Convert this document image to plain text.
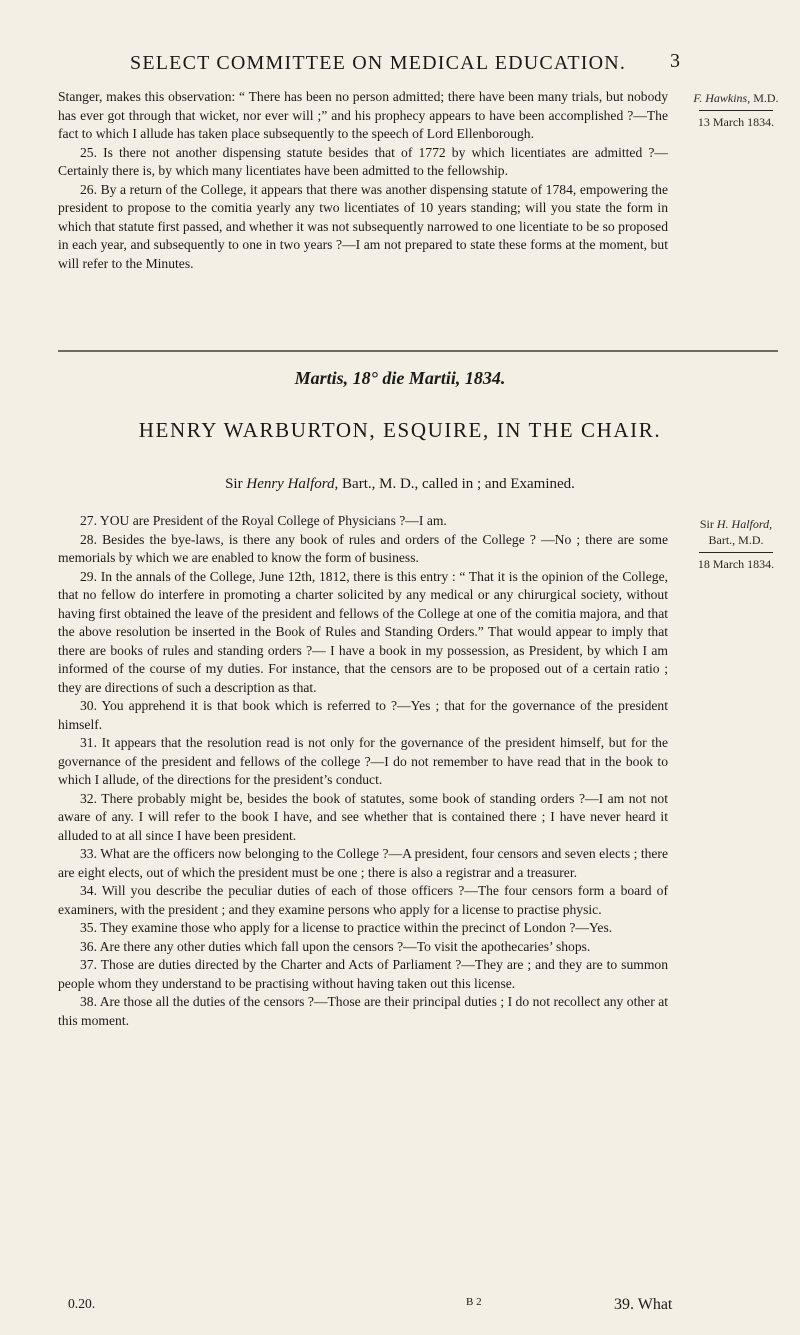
SELECT COMMITTEE ON MEDICAL EDUCATION.	3

Stanger, makes this observation: “ There has been no person admitted; there have been many trials, but nobody has ever got through that wicket, nor ever will ;” and his prophecy appears to have been accomplished ?—The fact to which I allude has taken place subsequently to the speech of Lord Ellenborough.

25. Is there not another dispensing statute besides that of 1772 by which licentiates are admitted ?—Certainly there is, by which many licentiates have been admitted to the fellowship.

26. By a return of the College, it appears that there was another dispensing statute of 1784, empowering the president to propose to the comitia yearly any two licentiates of 10 years standing; will you state the form in which that statute first passed, and whether it was not subsequently narrowed to one licentiate to be so proposed in each year, and subsequently to one in two years ?—I am not prepared to state these forms at the moment, but will refer to the Minutes.

F. Hawkins, M.D.
13 March 1834.
Martis, 18° die Martii, 1834.
HENRY WARBURTON, ESQUIRE, IN THE CHAIR.
Sir Henry Halford, Bart., M. D., called in ; and Examined.

27. YOU are President of the Royal College of Physicians ?—I am.

28. Besides the bye-laws, is there any book of rules and orders of the College ? —No ; there are some memorials by which we are enabled to know the form of business.

29. In the annals of the College, June 12th, 1812, there is this entry : “ That it is the opinion of the College, that no fellow do interfere in promoting a charter solicited by any medical or any chirurgical society, without having first obtained the leave of the president and fellows of the College at one of the comitia majora, and that the above resolution be inserted in the Book of Rules and Standing Orders.” That would appear to imply that there are books of rules and standing orders ?— I have a book in my possession, as President, by which I am informed of the course of my duties. For instance, that the censors are to be proposed out of a certain ratio ; they are directions of such a description as that.

30. You apprehend it is that book which is referred to ?—Yes ; that for the governance of the president himself.

31. It appears that the resolution read is not only for the governance of the president himself, but for the governance of the president and fellows of the college ?—I do not remember to have read that in the book to which I allude, of the directions for the president’s conduct.

32. There probably might be, besides the book of statutes, some book of standing orders ?—I am not not aware of any. I will refer to the book I have, and see whether that is contained there ; I have never heard it alluded to at all since I have been president.

33. What are the officers now belonging to the College ?—A president, four censors and seven elects ; there are eight elects, out of which the president must be one ; there is also a registrar and a treasurer.

34. Will you describe the peculiar duties of each of those officers ?—The four censors form a board of examiners, with the president ; and they examine persons who apply for a license to practise physic.

35. They examine those who apply for a license to practice within the precinct of London ?—Yes.

36. Are there any other duties which fall upon the censors ?—To visit the apothecaries’ shops.

37. Those are duties directed by the Charter and Acts of Parliament ?—They are ; and they are to summon people whom they understand to be practising without having taken out this license.

38. Are those all the duties of the censors ?—Those are their principal duties ; I do not recollect any other at this moment.

Sir H. Halford,
Bart., M.D.
18 March 1834.
0.20.	B 2	39. What
